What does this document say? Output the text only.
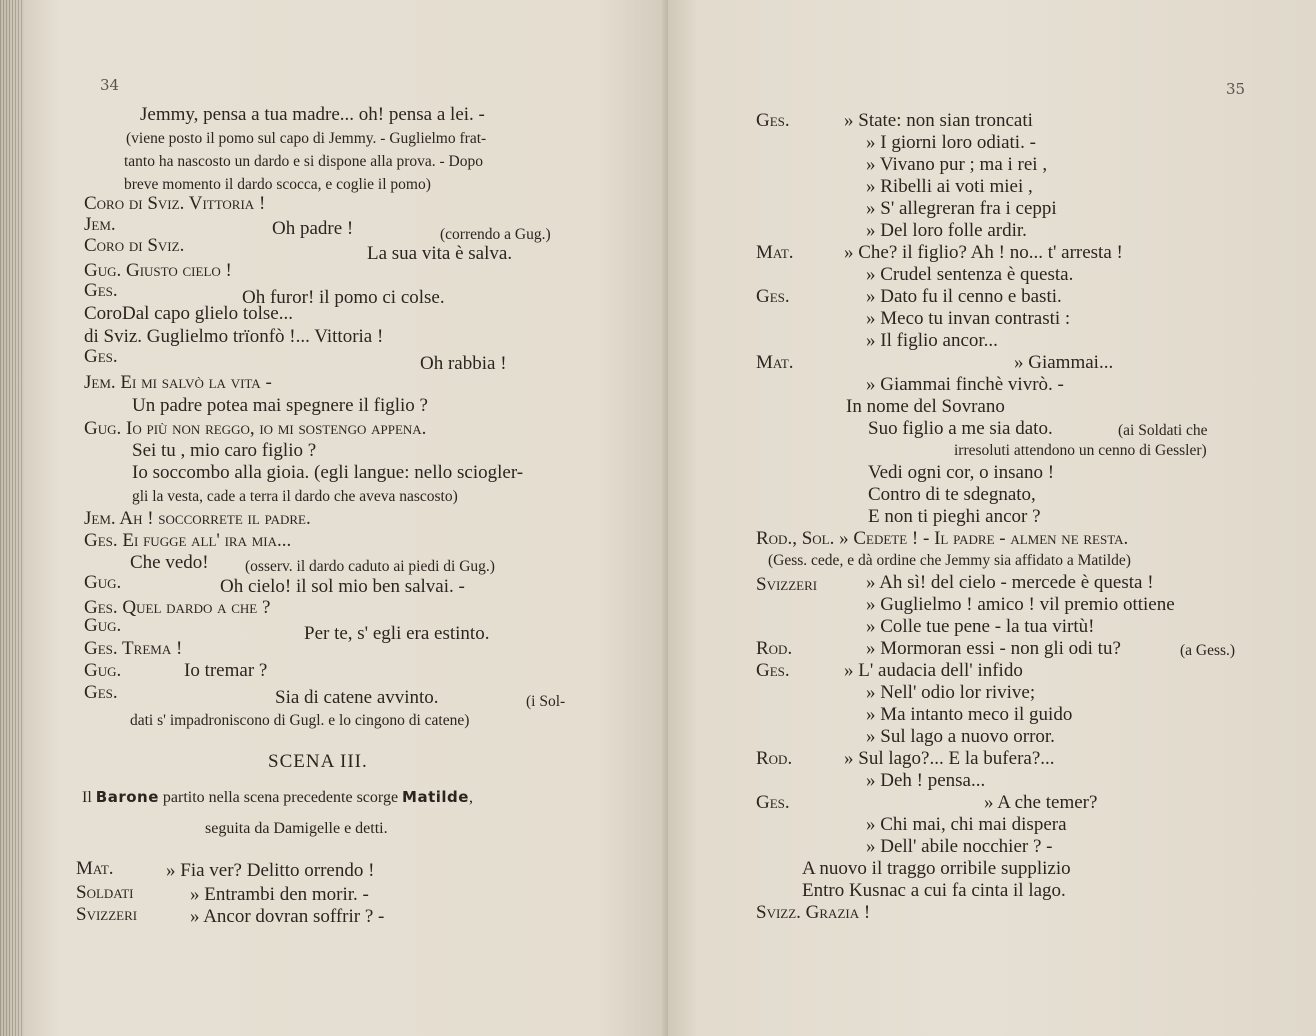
34
Jemmy, pensa a tua madre... oh! pensa a lei. -
(viene posto il pomo sul capo di Jemmy. - Guglielmo frat-
tanto ha nascosto un dardo e si dispone alla prova. - Dopo
breve momento il dardo scocca, e coglie il pomo)
Coro di Sviz. Vittoria !
Jem.	Oh padre !	(correndo a Gug.)
Coro di Sviz.	La sua vita è salva.
Gug. Giusto cielo !
Ges.	Oh furor! il pomo ci colse.
CoroDal capo glielo tolse...
di Sviz. Guglielmo trïonfò !... Vittoria !
Ges.	Oh rabbia !
Jem. Ei mi salvò la vita -
Un padre potea mai spegnere il figlio ?
Gug. Io più non reggo, io mi sostengo appena.
Sei tu , mio caro figlio ?
Io soccombo alla gioia. (egli langue: nello sciogler-
gli la vesta, cade a terra il dardo che aveva nascosto)
Jem. Ah ! soccorrete il padre.
Ges. Ei fugge all' ira mia...
Che vedo! (osserv. il dardo caduto ai piedi di Gug.)
Gug.	Oh cielo! il sol mio ben salvai. -
Ges. Quel dardo a che ?
Gug.	Per te, s' egli era estinto.
Ges. Trema !
Gug.	Io tremar ?
Ges.	Sia di catene avvinto.	(i Sol-
dati s' impadroniscono di Gugl. e lo cingono di catene)
SCENA III.
Il Barone partito nella scena precedente scorge Matilde,
seguita da Damigelle e detti.
Mat.	» Fia ver? Delitto orrendo !
Soldati	» Entrambi den morir. -
Svizzeri	» Ancor dovran soffrir ? -
35
Ges.	» State: non sian troncati
» I giorni loro odiati. -
» Vivano pur ; ma i rei ,
» Ribelli ai voti miei ,
» S' allegreran fra i ceppi
» Del loro folle ardir.
Mat.	» Che? il figlio? Ah ! no... t' arresta !
» Crudel sentenza è questa.
Ges.	» Dato fu il cenno e basti.
» Meco tu invan contrasti :
» Il figlio ancor...
Mat.	» Giammai...
» Giammai finchè vivrò. -
In nome del Sovrano
Suo figlio a me sia dato.	(ai Soldati che
irresoluti attendono un cenno di Gessler)
Vedi ogni cor, o insano !
Contro di te sdegnato,
E non ti pieghi ancor ?
Rod., Sol. » Cedete ! - Il padre - almen ne resta.
(Gess. cede, e dà ordine che Jemmy sia affidato a Matilde)
Svizzeri	» Ah sì! del cielo - mercede è questa !
» Guglielmo ! amico ! vil premio ottiene
» Colle tue pene - la tua virtù!
Rod.	» Mormoran essi - non gli odi tu?	(a Gess.)
Ges.	» L' audacia dell' infido
» Nell' odio lor rivive;
» Ma intanto meco il guido
» Sul lago a nuovo orror.
Rod.	» Sul lago?... E la bufera?...
» Deh ! pensa...
Ges.	» A che temer?
» Chi mai, chi mai dispera
» Dell' abile nocchier ? -
A nuovo il traggo orribile supplizio
Entro Kusnac a cui fa cinta il lago.
Svizz. Grazia !
